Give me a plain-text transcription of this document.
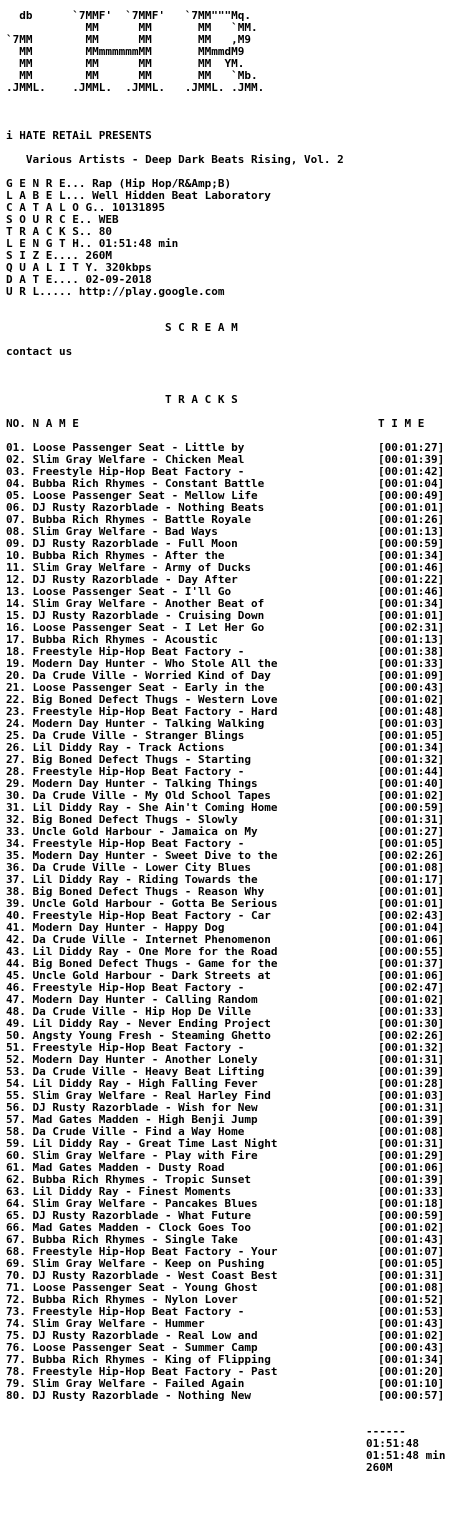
db      `7MMF'  `7MMF'   `7MM"""Mq.
MM      MM       MM   `MM.
`7MM        MM      MM       MM   ,M9
MM        MMmmmmmmMM       MMmmdM9
MM        MM      MM       MM  YM.
MM        MM      MM       MM   `Mb.
.JMML.    .JMML.  .JMML.   .JMML. .JMM.
i HATE RETAiL PRESENTS
Various Artists - Deep Dark Beats Rising, Vol. 2
G E N R E... Rap (Hip Hop/R&Amp;B)
L A B E L... Well Hidden Beat Laboratory
C A T A L O G.. 10131895
S O U R C E.. WEB
T R A C K S.. 80
L E N G T H.. 01:51:48 min
S I Z E.... 260M
Q U A L I T Y. 320kbps
D A T E.... 02-09-2018
U R L..... http://play.google.com
S C R E A M
contact us
T R A C K S
NO. N A M E	T I M E
01. Loose Passenger Seat - Little by	[00:01:27]
02. Slim Gray Welfare - Chicken Meal	[00:01:39]
03. Freestyle Hip-Hop Beat Factory -	[00:01:42]
04. Bubba Rich Rhymes - Constant Battle	[00:01:04]
05. Loose Passenger Seat - Mellow Life	[00:00:49]
06. DJ Rusty Razorblade - Nothing Beats	[00:01:01]
07. Bubba Rich Rhymes - Battle Royale	[00:01:26]
08. Slim Gray Welfare - Bad Ways	[00:01:13]
09. DJ Rusty Razorblade - Full Moon	[00:00:59]
10. Bubba Rich Rhymes - After the	[00:01:34]
11. Slim Gray Welfare - Army of Ducks	[00:01:46]
12. DJ Rusty Razorblade - Day After	[00:01:22]
13. Loose Passenger Seat - I'll Go	[00:01:46]
14. Slim Gray Welfare - Another Beat of	[00:01:34]
15. DJ Rusty Razorblade - Cruising Down	[00:01:01]
16. Loose Passenger Seat - I Let Her Go	[00:02:31]
17. Bubba Rich Rhymes - Acoustic	[00:01:13]
18. Freestyle Hip-Hop Beat Factory -	[00:01:38]
19. Modern Day Hunter - Who Stole All the	[00:01:33]
20. Da Crude Ville - Worried Kind of Day	[00:01:09]
21. Loose Passenger Seat - Early in the	[00:00:43]
22. Big Boned Defect Thugs - Western Love	[00:01:02]
23. Freestyle Hip-Hop Beat Factory - Hard	[00:01:48]
24. Modern Day Hunter - Talking Walking	[00:01:03]
25. Da Crude Ville - Stranger Blings	[00:01:05]
26. Lil Diddy Ray - Track Actions	[00:01:34]
27. Big Boned Defect Thugs - Starting	[00:01:32]
28. Freestyle Hip-Hop Beat Factory -	[00:01:44]
29. Modern Day Hunter - Talking Things	[00:01:40]
30. Da Crude Ville - My Old School Tapes	[00:01:02]
31. Lil Diddy Ray - She Ain't Coming Home	[00:00:59]
32. Big Boned Defect Thugs - Slowly	[00:01:31]
33. Uncle Gold Harbour - Jamaica on My	[00:01:27]
34. Freestyle Hip-Hop Beat Factory -	[00:01:05]
35. Modern Day Hunter - Sweet Dive to the	[00:02:26]
36. Da Crude Ville - Lower City Blues	[00:01:08]
37. Lil Diddy Ray - Riding Towards the	[00:01:17]
38. Big Boned Defect Thugs - Reason Why	[00:01:01]
39. Uncle Gold Harbour - Gotta Be Serious	[00:01:01]
40. Freestyle Hip-Hop Beat Factory - Car	[00:02:43]
41. Modern Day Hunter - Happy Dog	[00:01:04]
42. Da Crude Ville - Internet Phenomenon	[00:01:06]
43. Lil Diddy Ray - One More for the Road	[00:00:55]
44. Big Boned Defect Thugs - Game for the	[00:01:37]
45. Uncle Gold Harbour - Dark Streets at	[00:01:06]
46. Freestyle Hip-Hop Beat Factory -	[00:02:47]
47. Modern Day Hunter - Calling Random	[00:01:02]
48. Da Crude Ville - Hip Hop De Ville	[00:01:33]
49. Lil Diddy Ray - Never Ending Project	[00:01:30]
50. Angsty Young Fresh - Steaming Ghetto	[00:02:26]
51. Freestyle Hip-Hop Beat Factory -	[00:01:32]
52. Modern Day Hunter - Another Lonely	[00:01:31]
53. Da Crude Ville - Heavy Beat Lifting	[00:01:39]
54. Lil Diddy Ray - High Falling Fever	[00:01:28]
55. Slim Gray Welfare - Real Harley Find	[00:01:03]
56. DJ Rusty Razorblade - Wish for New	[00:01:31]
57. Mad Gates Madden - High Benji Jump	[00:01:39]
58. Da Crude Ville - Find a Way Home	[00:01:08]
59. Lil Diddy Ray - Great Time Last Night	[00:01:31]
60. Slim Gray Welfare - Play with Fire	[00:01:29]
61. Mad Gates Madden - Dusty Road	[00:01:06]
62. Bubba Rich Rhymes - Tropic Sunset	[00:01:39]
63. Lil Diddy Ray - Finest Moments	[00:01:33]
64. Slim Gray Welfare - Pancakes Blues	[00:01:18]
65. DJ Rusty Razorblade - What Future	[00:00:59]
66. Mad Gates Madden - Clock Goes Too	[00:01:02]
67. Bubba Rich Rhymes - Single Take	[00:01:43]
68. Freestyle Hip-Hop Beat Factory - Your	[00:01:07]
69. Slim Gray Welfare - Keep on Pushing	[00:01:05]
70. DJ Rusty Razorblade - West Coast Best	[00:01:31]
71. Loose Passenger Seat - Young Ghost	[00:01:08]
72. Bubba Rich Rhymes - Nylon Lover	[00:01:52]
73. Freestyle Hip-Hop Beat Factory -	[00:01:53]
74. Slim Gray Welfare - Hummer	[00:01:43]
75. DJ Rusty Razorblade - Real Low and	[00:01:02]
76. Loose Passenger Seat - Summer Camp	[00:00:43]
77. Bubba Rich Rhymes - King of Flipping	[00:01:34]
78. Freestyle Hip-Hop Beat Factory - Past	[00:01:20]
79. Slim Gray Welfare - Failed Again	[00:01:10]
80. DJ Rusty Razorblade - Nothing New	[00:00:57]
------
01:51:48
01:51:48 min
260M
